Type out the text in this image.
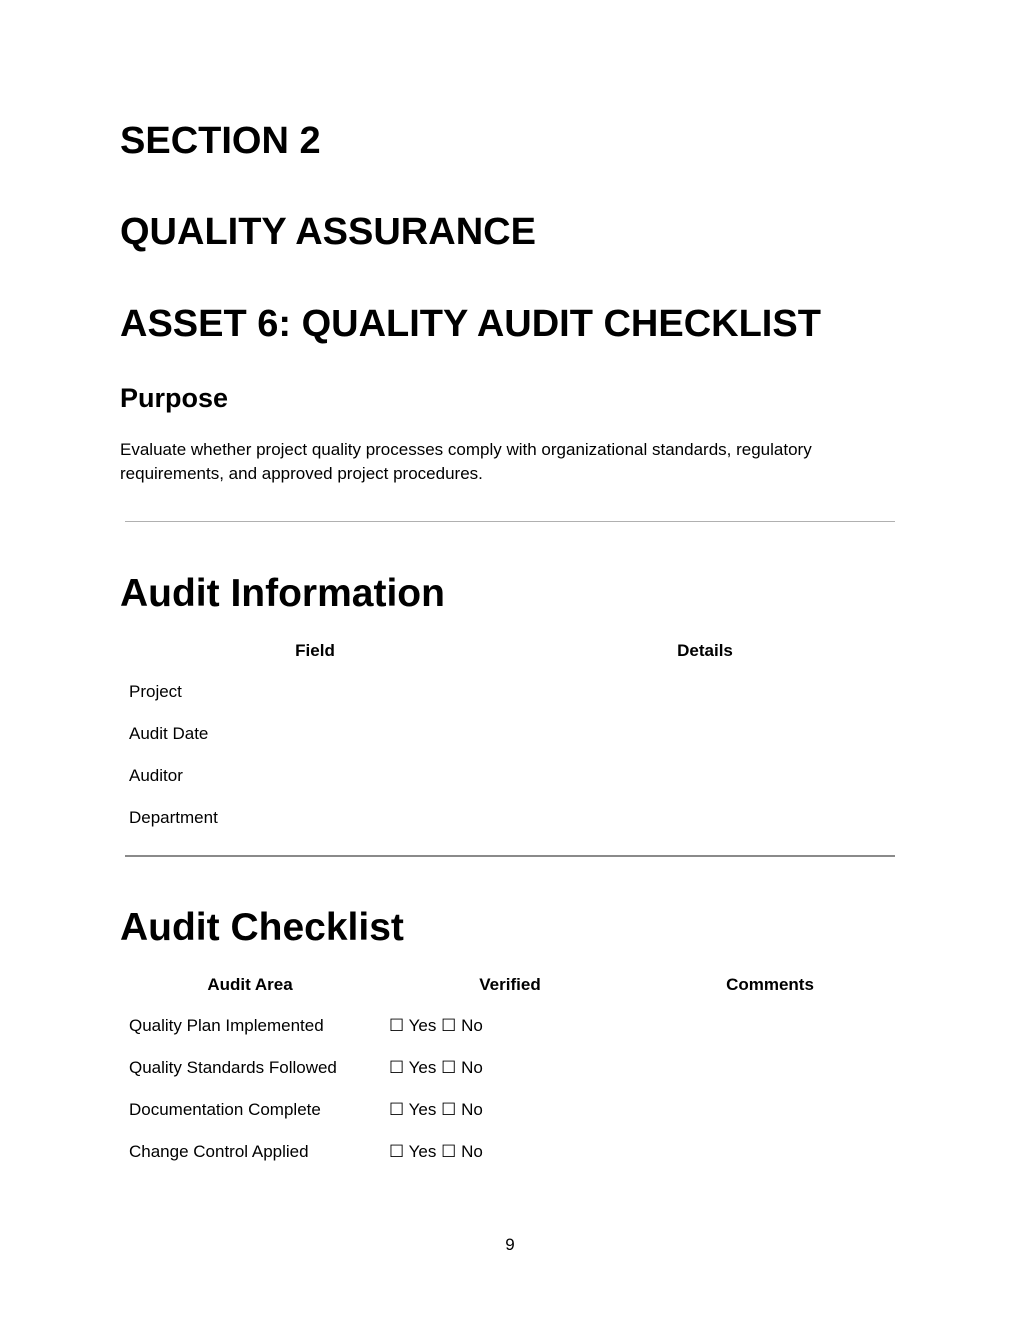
SECTION 2
QUALITY ASSURANCE
ASSET 6: QUALITY AUDIT CHECKLIST
Purpose
Evaluate whether project quality processes comply with organizational standards, regulatory requirements, and approved project procedures.
Audit Information
Field	Details
Project	
Audit Date	
Auditor	
Department	
Audit Checklist
Audit Area	Verified	Comments
Quality Plan Implemented	☐ Yes ☐ No	
Quality Standards Followed	☐ Yes ☐ No	
Documentation Complete	☐ Yes ☐ No	
Change Control Applied	☐ Yes ☐ No	
9
